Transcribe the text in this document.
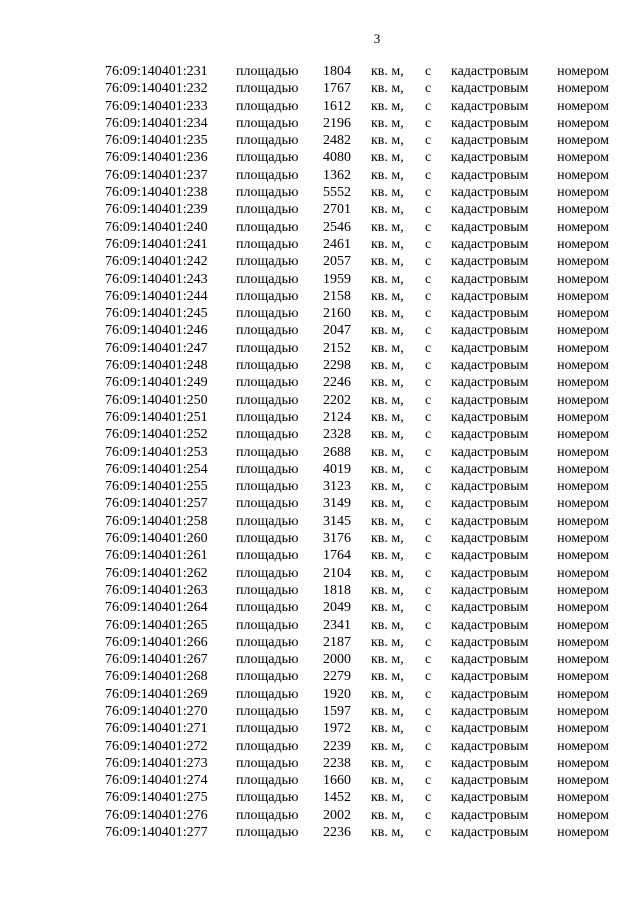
3
76:09:140401:231 площадью 1804 кв. м, с кадастровым номером
76:09:140401:232 площадью 1767 кв. м, с кадастровым номером
76:09:140401:233 площадью 1612 кв. м, с кадастровым номером
76:09:140401:234 площадью 2196 кв. м, с кадастровым номером
76:09:140401:235 площадью 2482 кв. м, с кадастровым номером
76:09:140401:236 площадью 4080 кв. м, с кадастровым номером
76:09:140401:237 площадью 1362 кв. м, с кадастровым номером
76:09:140401:238 площадью 5552 кв. м, с кадастровым номером
76:09:140401:239 площадью 2701 кв. м, с кадастровым номером
76:09:140401:240 площадью 2546 кв. м, с кадастровым номером
76:09:140401:241 площадью 2461 кв. м, с кадастровым номером
76:09:140401:242 площадью 2057 кв. м, с кадастровым номером
76:09:140401:243 площадью 1959 кв. м, с кадастровым номером
76:09:140401:244 площадью 2158 кв. м, с кадастровым номером
76:09:140401:245 площадью 2160 кв. м, с кадастровым номером
76:09:140401:246 площадью 2047 кв. м, с кадастровым номером
76:09:140401:247 площадью 2152 кв. м, с кадастровым номером
76:09:140401:248 площадью 2298 кв. м, с кадастровым номером
76:09:140401:249 площадью 2246 кв. м, с кадастровым номером
76:09:140401:250 площадью 2202 кв. м, с кадастровым номером
76:09:140401:251 площадью 2124 кв. м, с кадастровым номером
76:09:140401:252 площадью 2328 кв. м, с кадастровым номером
76:09:140401:253 площадью 2688 кв. м, с кадастровым номером
76:09:140401:254 площадью 4019 кв. м, с кадастровым номером
76:09:140401:255 площадью 3123 кв. м, с кадастровым номером
76:09:140401:257 площадью 3149 кв. м, с кадастровым номером
76:09:140401:258 площадью 3145 кв. м, с кадастровым номером
76:09:140401:260 площадью 3176 кв. м, с кадастровым номером
76:09:140401:261 площадью 1764 кв. м, с кадастровым номером
76:09:140401:262 площадью 2104 кв. м, с кадастровым номером
76:09:140401:263 площадью 1818 кв. м, с кадастровым номером
76:09:140401:264 площадью 2049 кв. м, с кадастровым номером
76:09:140401:265 площадью 2341 кв. м, с кадастровым номером
76:09:140401:266 площадью 2187 кв. м, с кадастровым номером
76:09:140401:267 площадью 2000 кв. м, с кадастровым номером
76:09:140401:268 площадью 2279 кв. м, с кадастровым номером
76:09:140401:269 площадью 1920 кв. м, с кадастровым номером
76:09:140401:270 площадью 1597 кв. м, с кадастровым номером
76:09:140401:271 площадью 1972 кв. м, с кадастровым номером
76:09:140401:272 площадью 2239 кв. м, с кадастровым номером
76:09:140401:273 площадью 2238 кв. м, с кадастровым номером
76:09:140401:274 площадью 1660 кв. м, с кадастровым номером
76:09:140401:275 площадью 1452 кв. м, с кадастровым номером
76:09:140401:276 площадью 2002 кв. м, с кадастровым номером
76:09:140401:277 площадью 2236 кв. м, с кадастровым номером
